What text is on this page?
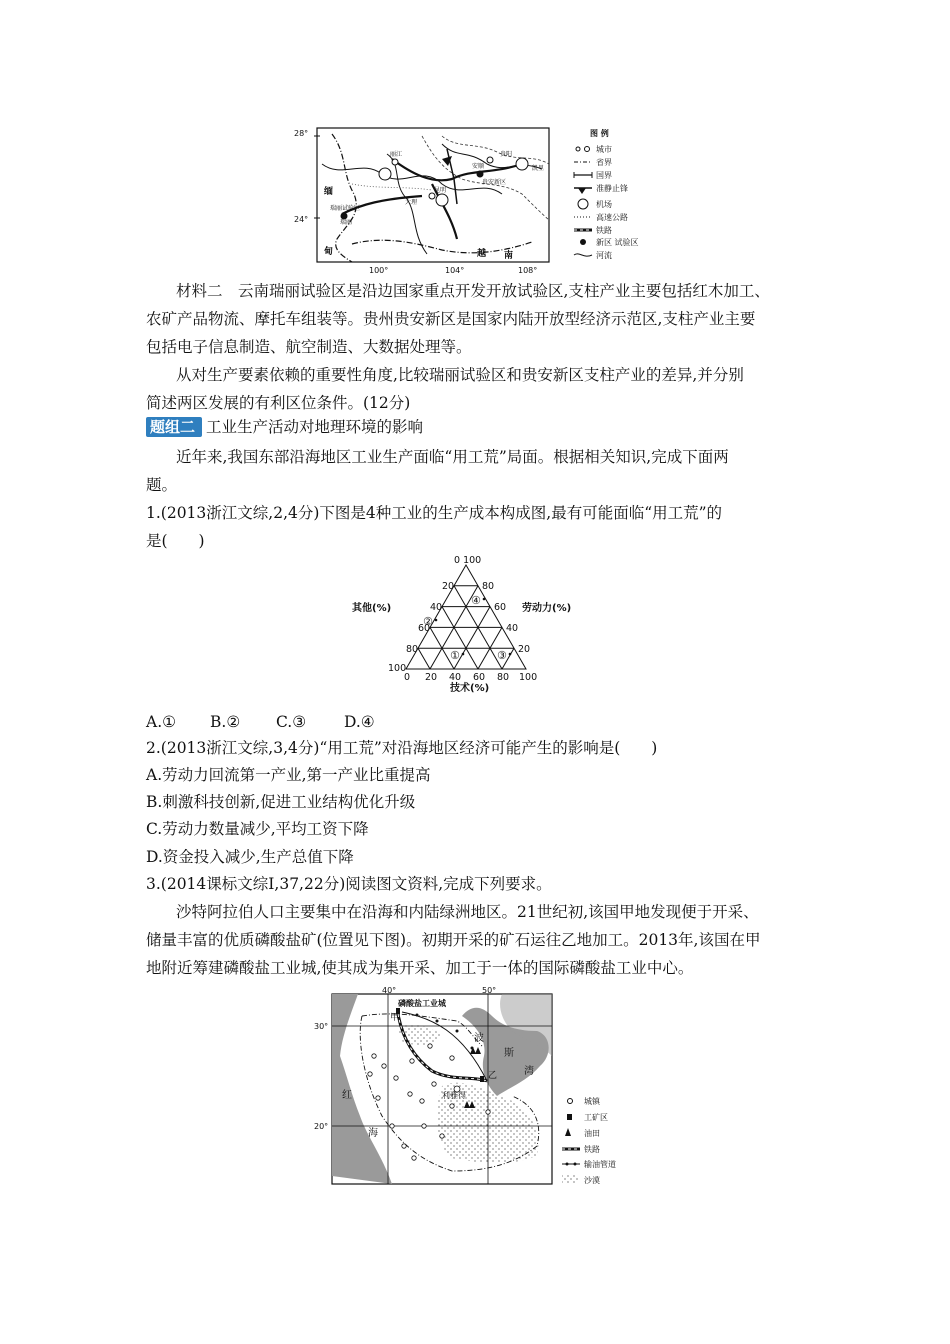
28°
24°
100°	104°	108°
缅
甸	越 南
丽江
大理
昆明
安顺
贵阳
凯里
贵安新区
瑞丽试验区
瑞丽
图 例
城市
省界
国界
准静止锋
机场
高速公路
铁路
新区 试验区
河流
材料二　云南瑞丽试验区是沿边国家重点开发开放试验区,支柱产业主要包括红木加工、
农矿产品物流、摩托车组装等。贵州贵安新区是国家内陆开放型经济示范区,支柱产业主要
包括电子信息制造、航空制造、大数据处理等。
从对生产要素依赖的重要性角度,比较瑞丽试验区和贵安新区支柱产业的差异,并分别
简述两区发展的有利区位条件。(12分)
题组二 工业生产活动对地理环境的影响
近年来,我国东部沿海地区工业生产面临“用工荒”局面。根据相关知识,完成下面两
题。
1.(2013浙江文综,2,4分)下图是4种工业的生产成本构成图,最有可能面临“用工荒”的
是(　　)
0 100
20
40
60
80
100
80
60
40
20
0 20 40 60 80 100
其他(%)	劳动力(%)
技术(%)
①
②
③
④
A.① B.② C.③ D.④
2.(2013浙江文综,3,4分)“用工荒”对沿海地区经济可能产生的影响是(　　)
A.劳动力回流第一产业,第一产业比重提高
B.刺激科技创新,促进工业结构优化升级
C.劳动力数量减少,平均工资下降
D.资金投入减少,生产总值下降
3.(2014课标文综Ⅰ,37,22分)阅读图文资料,完成下列要求。
沙特阿拉伯人口主要集中在沿海和内陆绿洲地区。21世纪初,该国甲地发现便于开采、
储量丰富的优质磷酸盐矿(位置见下图)。初期开采的矿石运往乙地加工。2013年,该国在甲
地附近筹建磷酸盐工业城,使其成为集开采、加工于一体的国际磷酸盐工业中心。
40°	50°
30°
20°
磷酸盐工业城
甲
乙
波
斯
湾
红
海
利雅得
城镇
工矿区
油田
铁路
输油管道
沙漠
